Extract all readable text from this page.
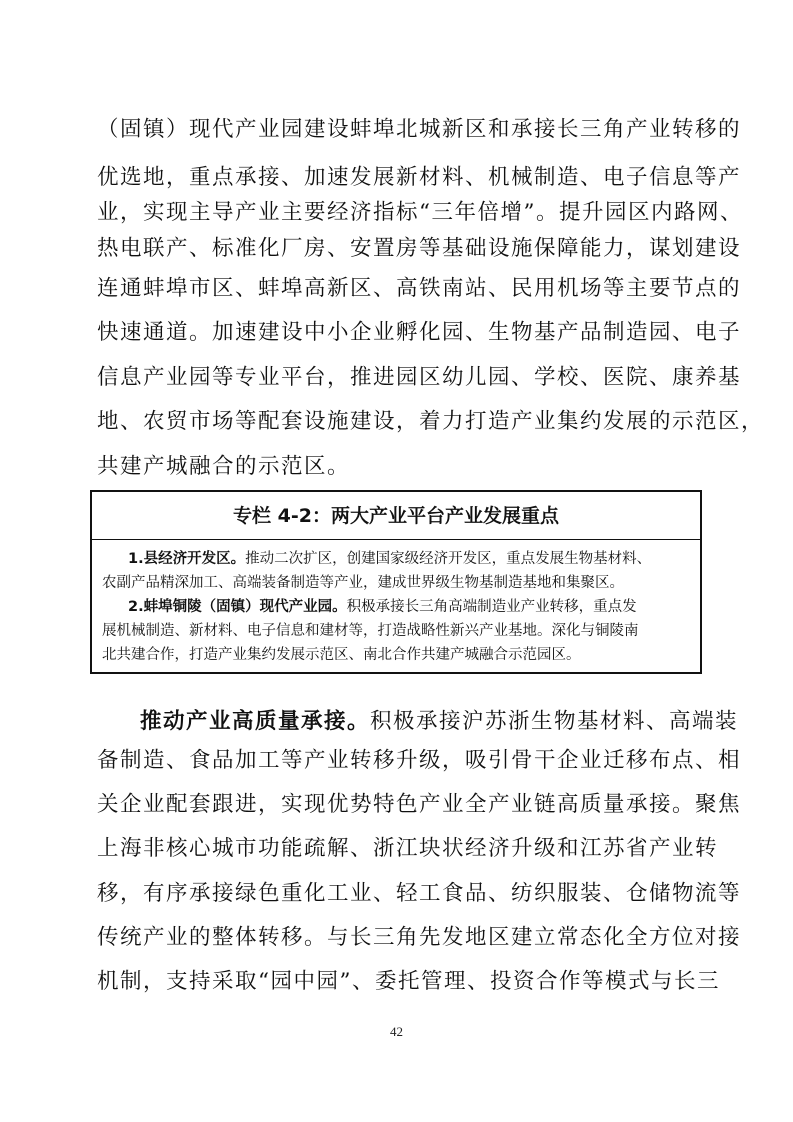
（固镇）现代产业园建设蚌埠北城新区和承接长三角产业转移的
优选地，重点承接、加速发展新材料、机械制造、电子信息等产
业，实现主导产业主要经济指标“三年倍增”。提升园区内路网、
热电联产、标准化厂房、安置房等基础设施保障能力，谋划建设
连通蚌埠市区、蚌埠高新区、高铁南站、民用机场等主要节点的
快速通道。加速建设中小企业孵化园、生物基产品制造园、电子
信息产业园等专业平台，推进园区幼儿园、学校、医院、康养基
地、农贸市场等配套设施建设，着力打造产业集约发展的示范区，
共建产城融合的示范区。
专栏 4-2：两大产业平台产业发展重点
1.县经济开发区。推动二次扩区，创建国家级经济开发区，重点发展生物基材料、
农副产品精深加工、高端装备制造等产业，建成世界级生物基制造基地和集聚区。
2.蚌埠铜陵（固镇）现代产业园。积极承接长三角高端制造业产业转移，重点发
展机械制造、新材料、电子信息和建材等，打造战略性新兴产业基地。深化与铜陵南
北共建合作，打造产业集约发展示范区、南北合作共建产城融合示范园区。
推动产业高质量承接。积极承接沪苏浙生物基材料、高端装
备制造、食品加工等产业转移升级，吸引骨干企业迁移布点、相
关企业配套跟进，实现优势特色产业全产业链高质量承接。聚焦
上海非核心城市功能疏解、浙江块状经济升级和江苏省产业转
移，有序承接绿色重化工业、轻工食品、纺织服装、仓储物流等
传统产业的整体转移。与长三角先发地区建立常态化全方位对接
机制，支持采取“园中园”、委托管理、投资合作等模式与长三
42
